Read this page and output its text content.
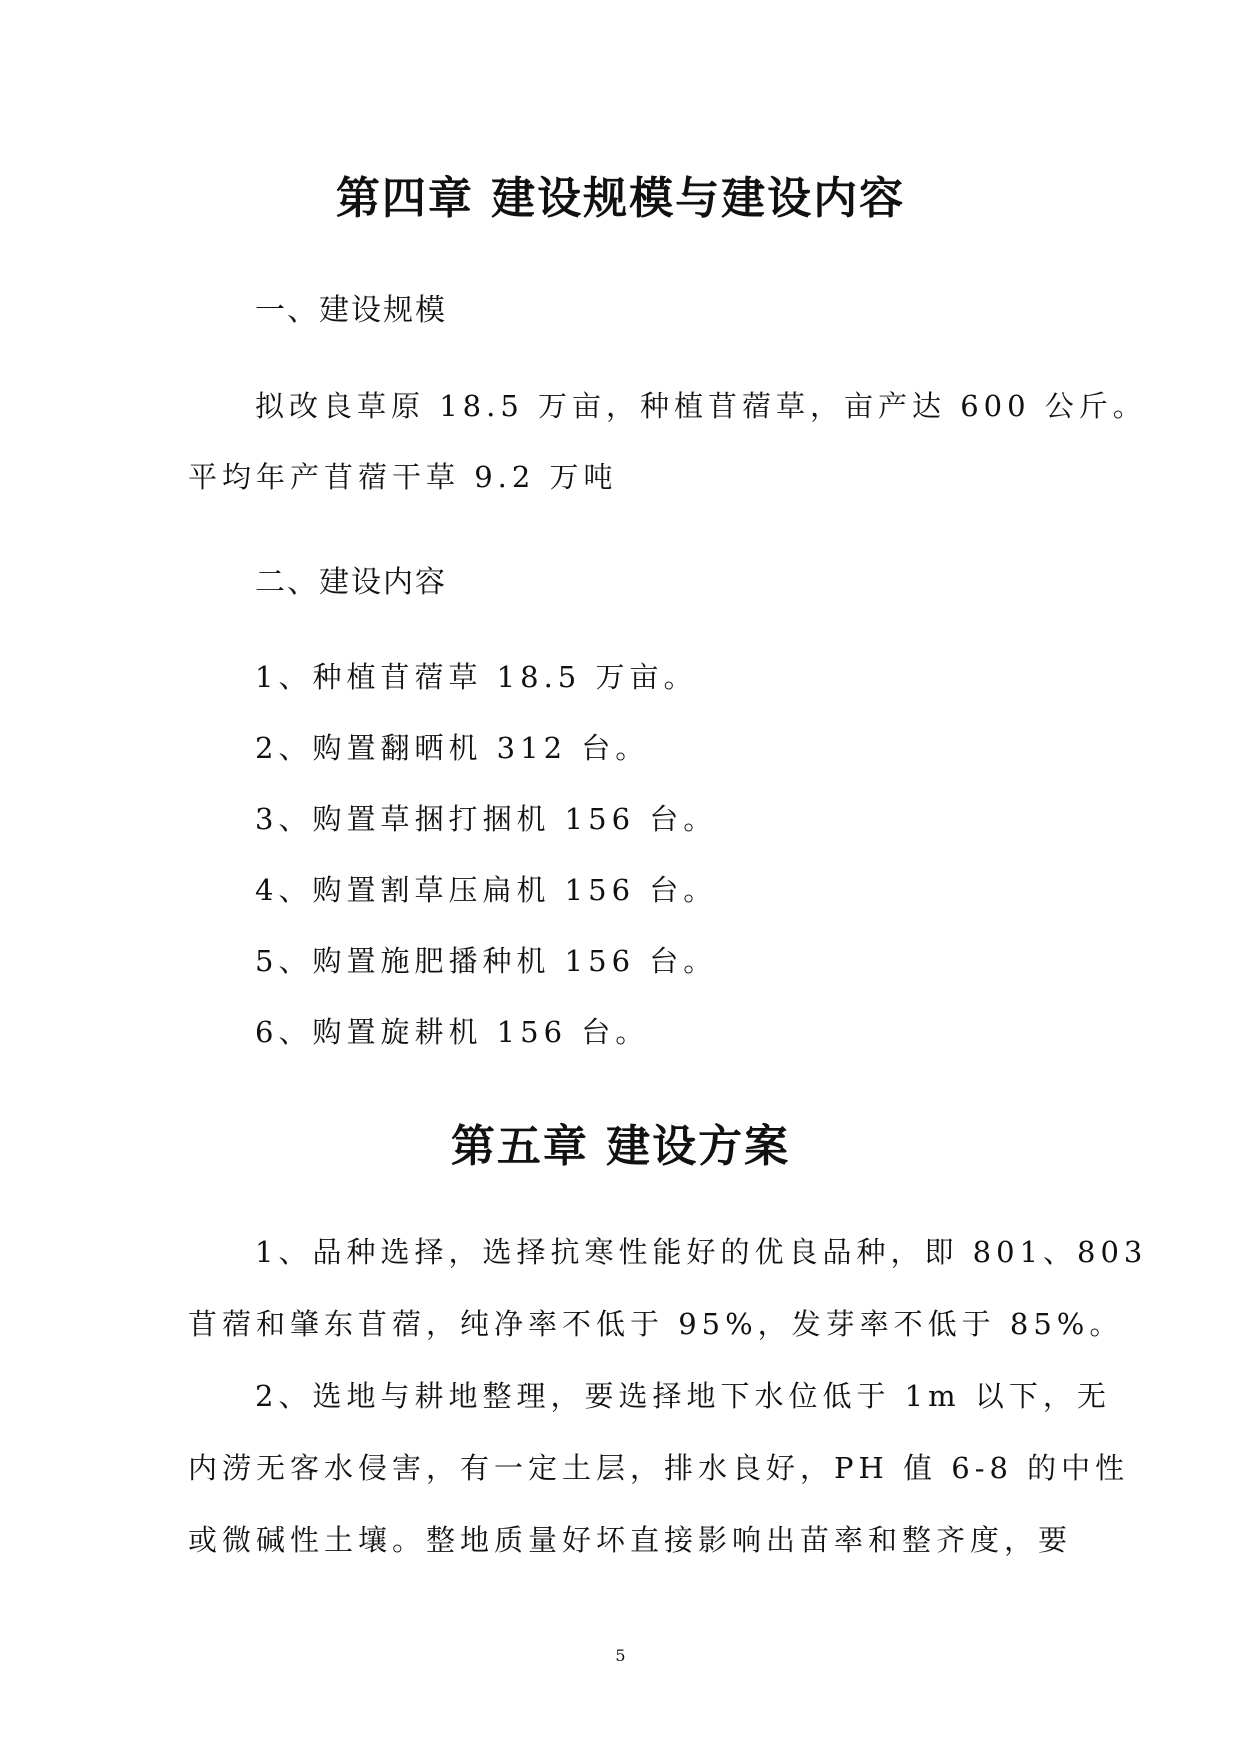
第四章 建设规模与建设内容
一、建设规模
拟改良草原 18.5 万亩，种植苜蓿草，亩产达 600 公斤。
平均年产苜蓿干草 9.2 万吨
二、建设内容
1、种植苜蓿草 18.5 万亩。
2、购置翻晒机 312 台。
3、购置草捆打捆机 156 台。
4、购置割草压扁机 156 台。
5、购置施肥播种机 156 台。
6、购置旋耕机 156 台。
第五章 建设方案
1、品种选择，选择抗寒性能好的优良品种，即 801、803
苜蓿和肇东苜蓿，纯净率不低于 95%，发芽率不低于 85%。
2、选地与耕地整理，要选择地下水位低于 1m 以下，无
内涝无客水侵害，有一定土层，排水良好，PH 值 6-8 的中性
或微碱性土壤。整地质量好坏直接影响出苗率和整齐度，要
5
